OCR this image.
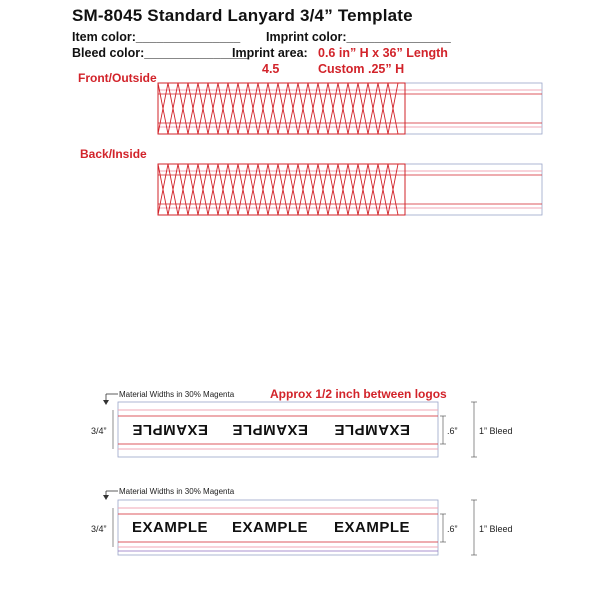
SM-8045 Standard Lanyard 3/4” Template
Item color:_______________ Imprint color:_______________
Bleed color:_______________
Imprint area: 0.6 in” H x 36” Length
4.5	Custom .25” H
Front/Outside
Back/Inside
Material Widths in 30% Magenta	Approx 1/2 inch between logos
3/4”	.6” 1” Bleed
Material Widths in 30% Magenta
3/4”	.6” 1” Bleed
EXAMPLE EXAMPLE EXAMPLE
EXAMPLE EXAMPLE EXAMPLE
